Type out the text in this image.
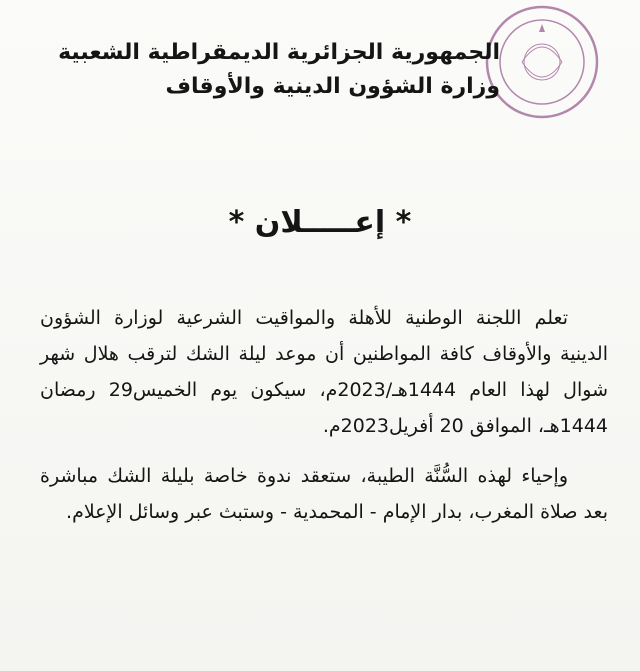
الجمهورية الجزائرية الديمقراطية الشعبية
وزارة الشؤون الدينية والأوقاف
* إعـــــلان *

تعلم اللجنة الوطنية للأهلة والمواقيت الشرعية لوزارة الشؤون الدينية والأوقاف كافة المواطنين أن موعد ليلة الشك لترقب هلال شهر شوال لهذا العام 1444هـ/2023م، سيكون يوم الخميس29 رمضان 1444هـ، الموافق 20 أفريل2023م.

وإحياء لهذه السُّنَّة الطيبة، ستعقد ندوة خاصة بليلة الشك مباشرة بعد صلاة المغرب، بدار الإمام - المحمدية - وستبث عبر وسائل الإعلام.
